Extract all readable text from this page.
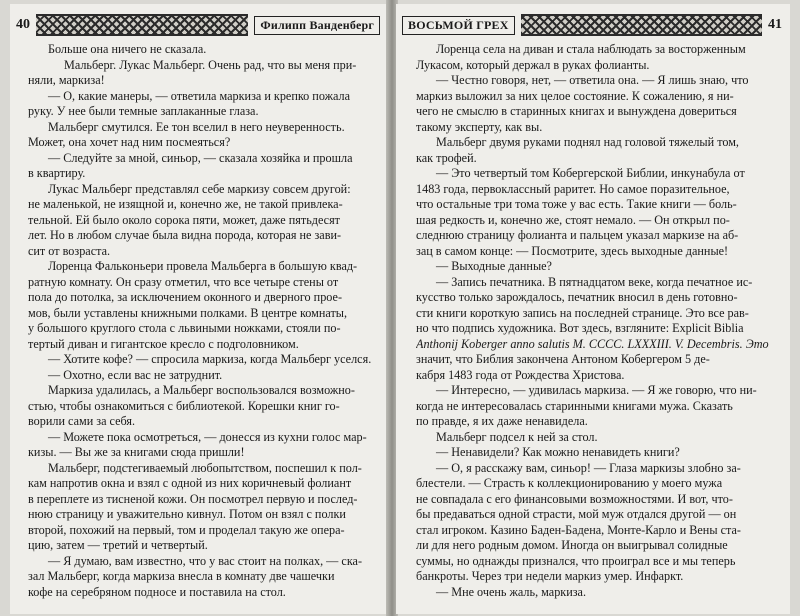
40	Филипп Ванденберг
Больше она ничего не сказала.
Мальберг. Лукас Мальберг. Очень рад, что вы меня при-
няли, маркиза!
— О, какие манеры, — ответила маркиза и крепко пожала
руку. У нее были темные заплаканные глаза.
Мальберг смутился. Ее тон вселил в него неуверенность.
Может, она хочет над ним посмеяться?
— Следуйте за мной, синьор, — сказала хозяйка и прошла
в квартиру.
Лукас Мальберг представлял себе маркизу совсем другой:
не маленькой, не изящной и, конечно же, не такой привлека-
тельной. Ей было около сорока пяти, может, даже пятьдесят
лет. Но в любом случае была видна порода, которая не зави-
сит от возраста.
Лоренца Фальконьери провела Мальберга в большую квад-
ратную комнату. Он сразу отметил, что все четыре стены от
пола до потолка, за исключением оконного и дверного прое-
мов, были уставлены книжными полками. В центре комнаты,
у большого круглого стола с львиными ножками, стояли по-
тертый диван и гигантское кресло с подголовником.
— Хотите кофе? — спросила маркиза, когда Мальберг уселся.
— Охотно, если вас не затруднит.
Маркиза удалилась, а Мальберг воспользовался возможно-
стью, чтобы ознакомиться с библиотекой. Корешки книг го-
ворили сами за себя.
— Можете пока осмотреться, — донесся из кухни голос мар-
кизы. — Вы же за книгами сюда пришли!
Мальберг, подстегиваемый любопытством, поспешил к пол-
кам напротив окна и взял с одной из них коричневый фолиант
в переплете из тисненой кожи. Он посмотрел первую и послед-
нюю страницу и уважительно кивнул. Потом он взял с полки
второй, похожий на первый, том и проделал такую же опера-
цию, затем — третий и четвертый.
— Я думаю, вам известно, что у вас стоит на полках, — ска-
зал Мальберг, когда маркиза внесла в комнату две чашечки
кофе на серебряном подносе и поставила на стол.
ВОСЬМОЙ ГРЕХ	41
Лоренца села на диван и стала наблюдать за восторженным
Лукасом, который держал в руках фолианты.
— Честно говоря, нет, — ответила она. — Я лишь знаю, что
маркиз выложил за них целое состояние. К сожалению, я ни-
чего не смыслю в старинных книгах и вынуждена довериться
такому эксперту, как вы.
Мальберг двумя руками поднял над головой тяжелый том,
как трофей.
— Это четвертый том Кобергерской Библии, инкунабула от
1483 года, первоклассный раритет. Но самое поразительное,
что остальные три тома тоже у вас есть. Такие книги — боль-
шая редкость и, конечно же, стоят немало. — Он открыл по-
следнюю страницу фолианта и пальцем указал маркизе на аб-
зац в самом конце: — Посмотрите, здесь выходные данные!
— Выходные данные?
— Запись печатника. В пятнадцатом веке, когда печатное ис-
кусство только зарождалось, печатник вносил в день готовно-
сти книги короткую запись на последней странице. Это все рав-
но что подпись художника. Вот здесь, взгляните: Explicit Biblia
Anthonij Koberger anno salutis M. CCCC. LXXXIII. V. Decembris. Это
значит, что Библия закончена Антоном Кобергером 5 де-
кабря 1483 года от Рождества Христова.
— Интересно, — удивилась маркиза. — Я же говорю, что ни-
когда не интересовалась старинными книгами мужа. Сказать
по правде, я их даже ненавидела.
Мальберг подсел к ней за стол.
— Ненавидели? Как можно ненавидеть книги?
— О, я расскажу вам, синьор! — Глаза маркизы злобно за-
блестели. — Страсть к коллекционированию у моего мужа
не совпадала с его финансовыми возможностями. И вот, что-
бы предаваться одной страсти, мой муж отдался другой — он
стал игроком. Казино Баден-Бадена, Монте-Карло и Вены ста-
ли для него родным домом. Иногда он выигрывал солидные
суммы, но однажды признался, что проиграл все и мы теперь
банкроты. Через три недели маркиз умер. Инфаркт.
— Мне очень жаль, маркиза.
